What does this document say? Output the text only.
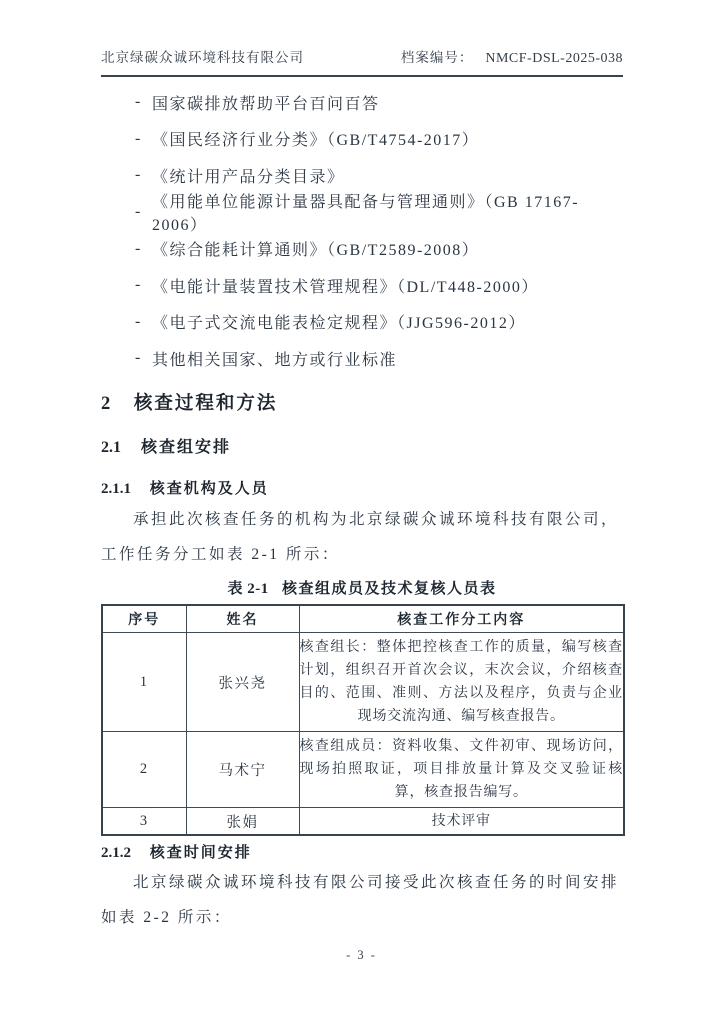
北京绿碳众诚环境科技有限公司	档案编号： NMCF-DSL-2025-038
- 国家碳排放帮助平台百问百答
- 《国民经济行业分类》（GB/T4754-2017）
- 《统计用产品分类目录》
-
《用能单位能源计量器具配备与管理通则》（GB 17167-2006）
- 《综合能耗计算通则》（GB/T2589-2008）
- 《电能计量装置技术管理规程》（DL/T448-2000）
- 《电子式交流电能表检定规程》（JJG596-2012）
- 其他相关国家、地方或行业标准
2 核查过程和方法
2.1 核查组安排
2.1.1 核查机构及人员
承担此次核查任务的机构为北京绿碳众诚环境科技有限公司，
工作任务分工如表 2-1 所示：
表 2-1 核查组成员及技术复核人员表
序号	姓名	核查工作分工内容
1	张兴尧	核查组长：整体把控核查工作的质量，编写核查计划，组织召开首次会议，末次会议，介绍核查目的、范围、准则、方法以及程序，负责与企业现场交流沟通、编写核查报告。
2	马术宁	核查组成员：资料收集、文件初审、现场访问，现场拍照取证，项目排放量计算及交叉验证核算，核查报告编写。
3	张娟	技术评审
2.1.2 核查时间安排
北京绿碳众诚环境科技有限公司接受此次核查任务的时间安排
如表 2-2 所示：
- 3 -
